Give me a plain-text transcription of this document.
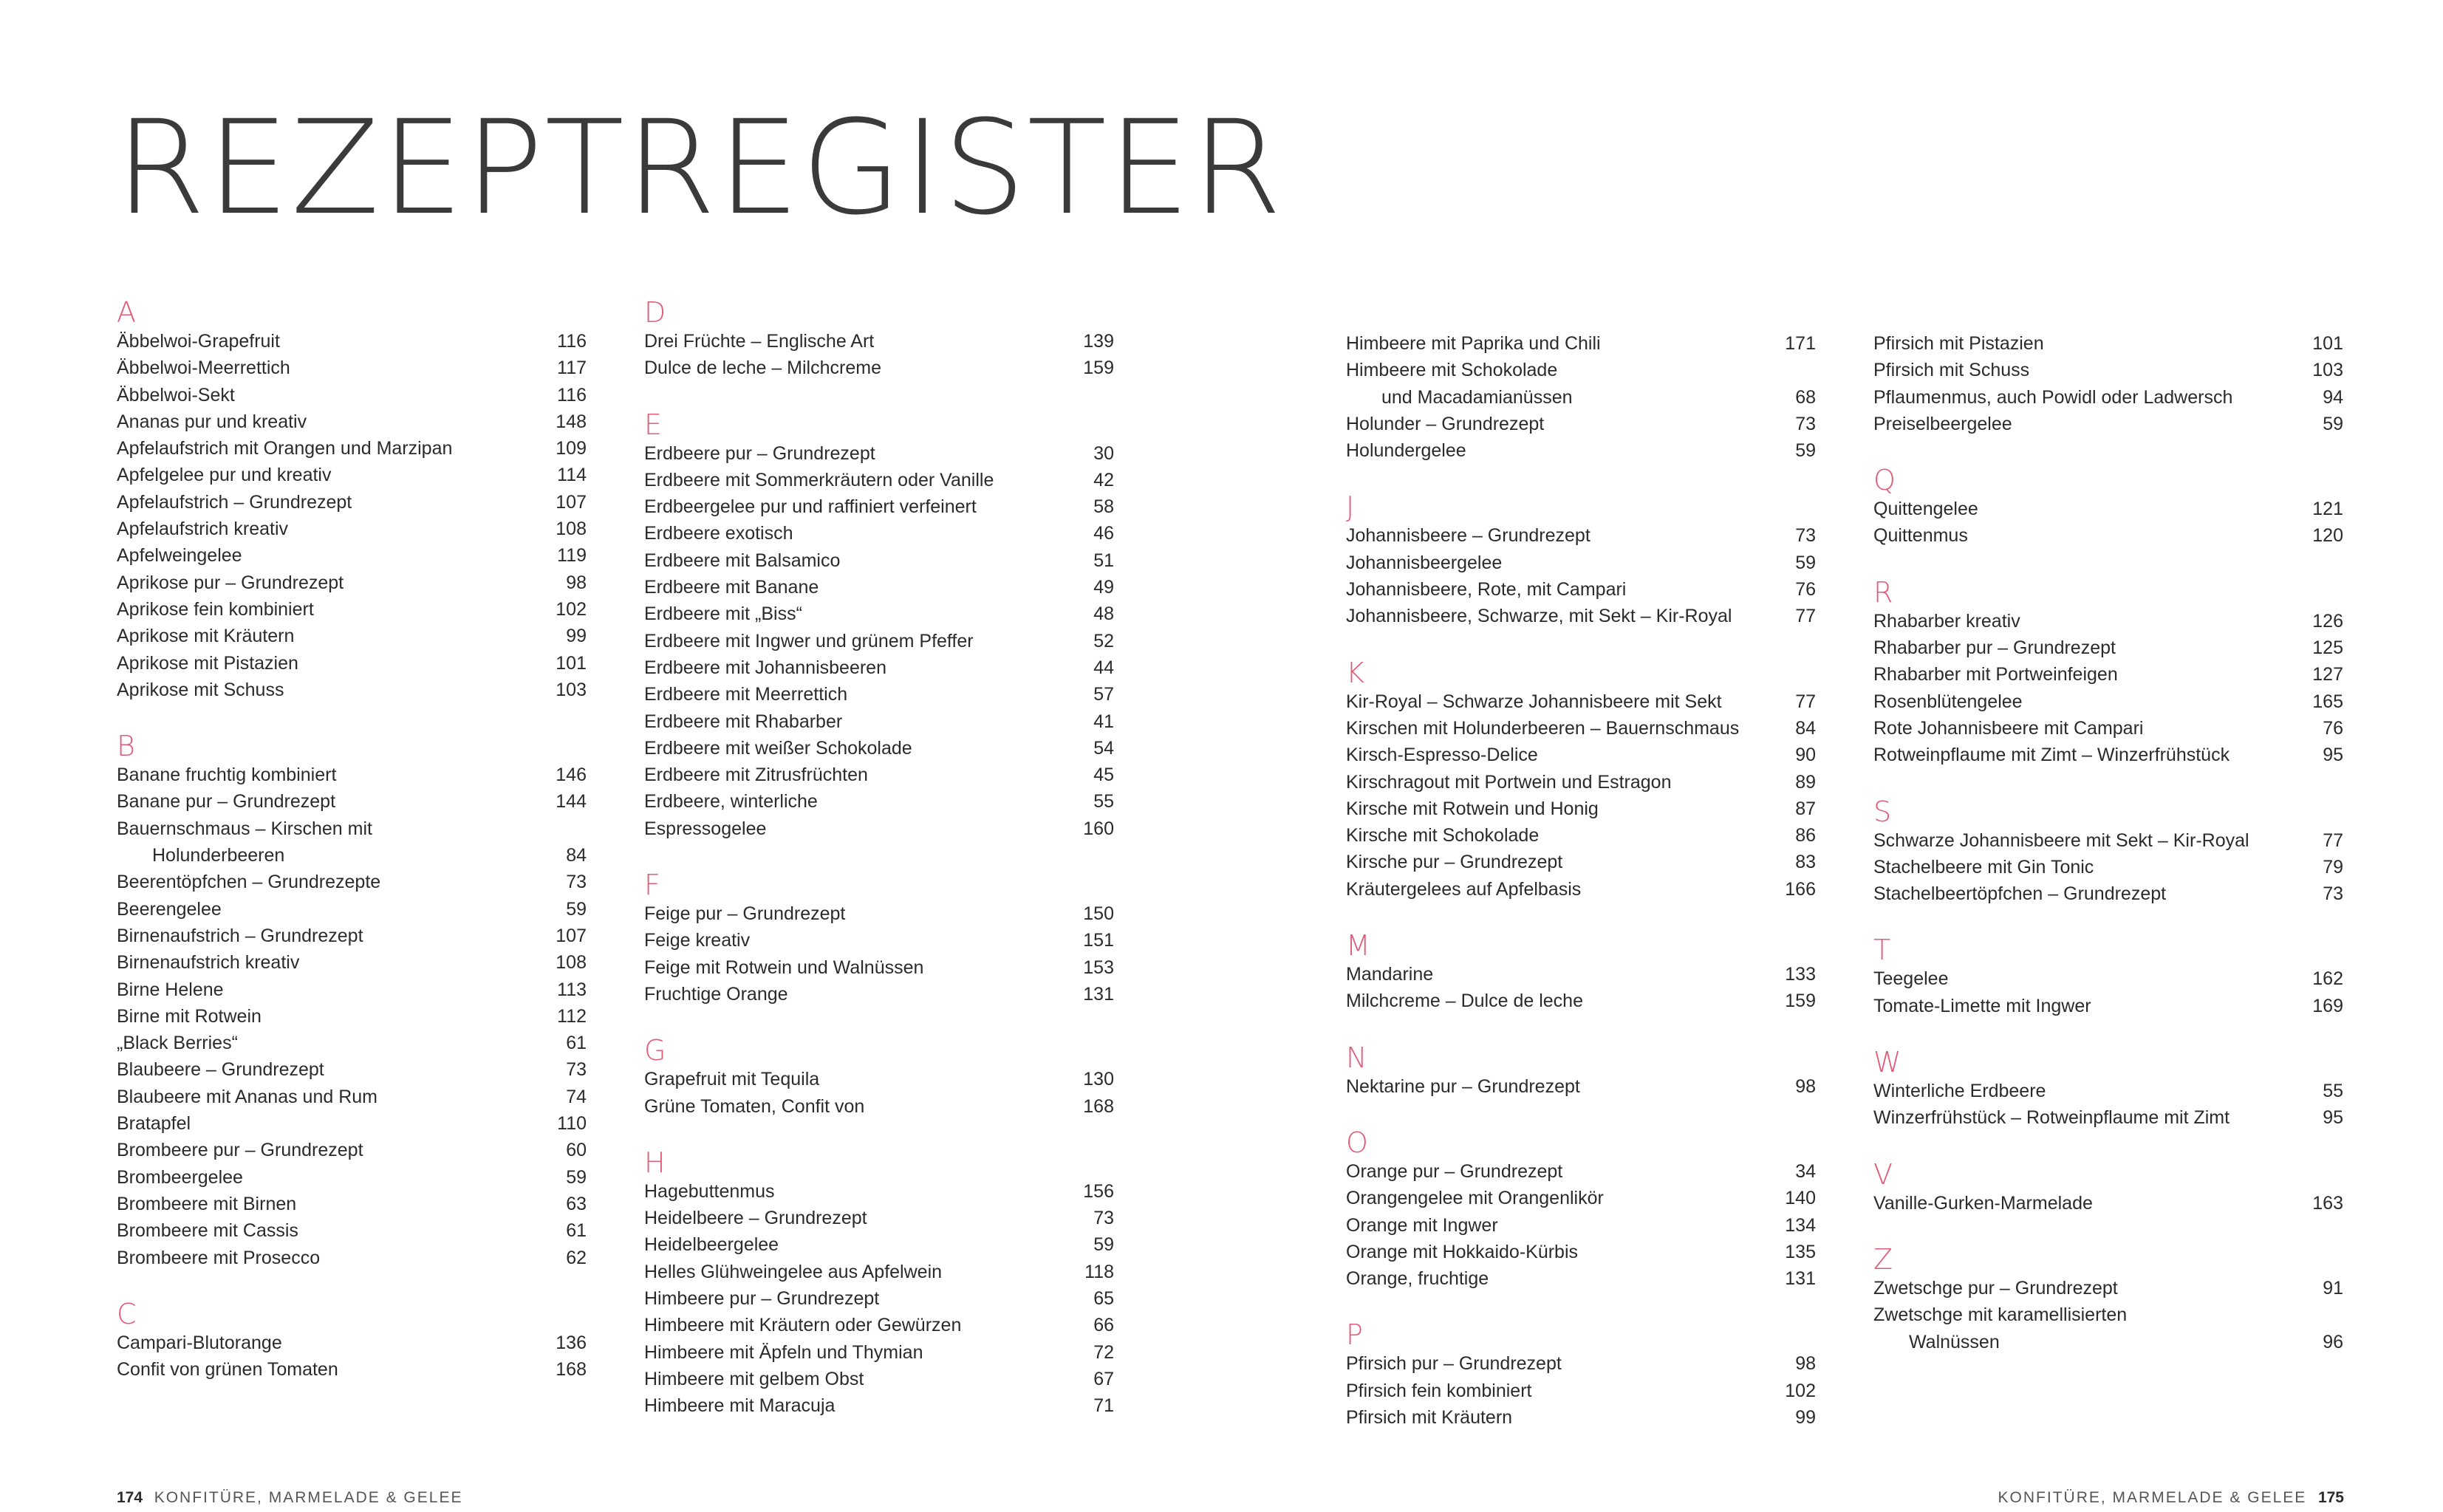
REZEPTREGISTER
A
Äbbelwoi-Grapefruit	116
Äbbelwoi-Meerrettich	117
Äbbelwoi-Sekt	116
Ananas pur und kreativ	148
Apfelaufstrich mit Orangen und Marzipan	109
Apfelgelee pur und kreativ	114
Apfelaufstrich – Grundrezept	107
Apfelaufstrich kreativ	108
Apfelweingelee	119
Aprikose pur – Grundrezept	98
Aprikose fein kombiniert	102
Aprikose mit Kräutern	99
Aprikose mit Pistazien	101
Aprikose mit Schuss	103
B
Banane fruchtig kombiniert	146
Banane pur – Grundrezept	144
Bauernschmaus – Kirschen mit
Holunderbeeren	84
Beerentöpfchen – Grundrezepte	73
Beerengelee	59
Birnenaufstrich – Grundrezept	107
Birnenaufstrich kreativ	108
Birne Helene	113
Birne mit Rotwein	112
„Black Berries“	61
Blaubeere – Grundrezept	73
Blaubeere mit Ananas und Rum	74
Bratapfel	110
Brombeere pur – Grundrezept	60
Brombeergelee	59
Brombeere mit Birnen	63
Brombeere mit Cassis	61
Brombeere mit Prosecco	62
C
Campari-Blutorange	136
Confit von grünen Tomaten	168
D
Drei Früchte – Englische Art	139
Dulce de leche – Milchcreme	159
E
Erdbeere pur – Grundrezept	30
Erdbeere mit Sommerkräutern oder Vanille	42
Erdbeergelee pur und raffiniert verfeinert	58
Erdbeere exotisch	46
Erdbeere mit Balsamico	51
Erdbeere mit Banane	49
Erdbeere mit „Biss“	48
Erdbeere mit Ingwer und grünem Pfeffer	52
Erdbeere mit Johannisbeeren	44
Erdbeere mit Meerrettich	57
Erdbeere mit Rhabarber	41
Erdbeere mit weißer Schokolade	54
Erdbeere mit Zitrusfrüchten	45
Erdbeere, winterliche	55
Espressogelee	160
F
Feige pur – Grundrezept	150
Feige kreativ	151
Feige mit Rotwein und Walnüssen	153
Fruchtige Orange	131
G
Grapefruit mit Tequila	130
Grüne Tomaten, Confit von	168
H
Hagebuttenmus	156
Heidelbeere – Grundrezept	73
Heidelbeergelee	59
Helles Glühweingelee aus Apfelwein	118
Himbeere pur – Grundrezept	65
Himbeere mit Kräutern oder Gewürzen	66
Himbeere mit Äpfeln und Thymian	72
Himbeere mit gelbem Obst	67
Himbeere mit Maracuja	71
Himbeere mit Paprika und Chili	171
Himbeere mit Schokolade
und Macadamianüssen	68
Holunder – Grundrezept	73
Holundergelee	59
J
Johannisbeere – Grundrezept	73
Johannisbeergelee	59
Johannisbeere, Rote, mit Campari	76
Johannisbeere, Schwarze, mit Sekt – Kir-Royal	77
K
Kir-Royal – Schwarze Johannisbeere mit Sekt	77
Kirschen mit Holunderbeeren – Bauernschmaus	84
Kirsch-Espresso-Delice	90
Kirschragout mit Portwein und Estragon	89
Kirsche mit Rotwein und Honig	87
Kirsche mit Schokolade	86
Kirsche pur – Grundrezept	83
Kräutergelees auf Apfelbasis	166
M
Mandarine	133
Milchcreme – Dulce de leche	159
N
Nektarine pur – Grundrezept	98
O
Orange pur – Grundrezept	34
Orangengelee mit Orangenlikör	140
Orange mit Ingwer	134
Orange mit Hokkaido-Kürbis	135
Orange, fruchtige	131
P
Pfirsich pur – Grundrezept	98
Pfirsich fein kombiniert	102
Pfirsich mit Kräutern	99
Pfirsich mit Pistazien	101
Pfirsich mit Schuss	103
Pflaumenmus, auch Powidl oder Ladwersch	94
Preiselbeergelee	59
Q
Quittengelee	121
Quittenmus	120
R
Rhabarber kreativ	126
Rhabarber pur – Grundrezept	125
Rhabarber mit Portweinfeigen	127
Rosenblütengelee	165
Rote Johannisbeere mit Campari	76
Rotweinpflaume mit Zimt – Winzerfrühstück	95
S
Schwarze Johannisbeere mit Sekt – Kir-Royal	77
Stachelbeere mit Gin Tonic	79
Stachelbeertöpfchen – Grundrezept	73
T
Teegelee	162
Tomate-Limette mit Ingwer	169
W
Winterliche Erdbeere	55
Winzerfrühstück – Rotweinpflaume mit Zimt	95
V
Vanille-Gurken-Marmelade	163
Z
Zwetschge pur – Grundrezept	91
Zwetschge mit karamellisierten
Walnüssen	96
174 KONFITÜRE, MARMELADE & GELEE	KONFITÜRE, MARMELADE & GELEE 175
